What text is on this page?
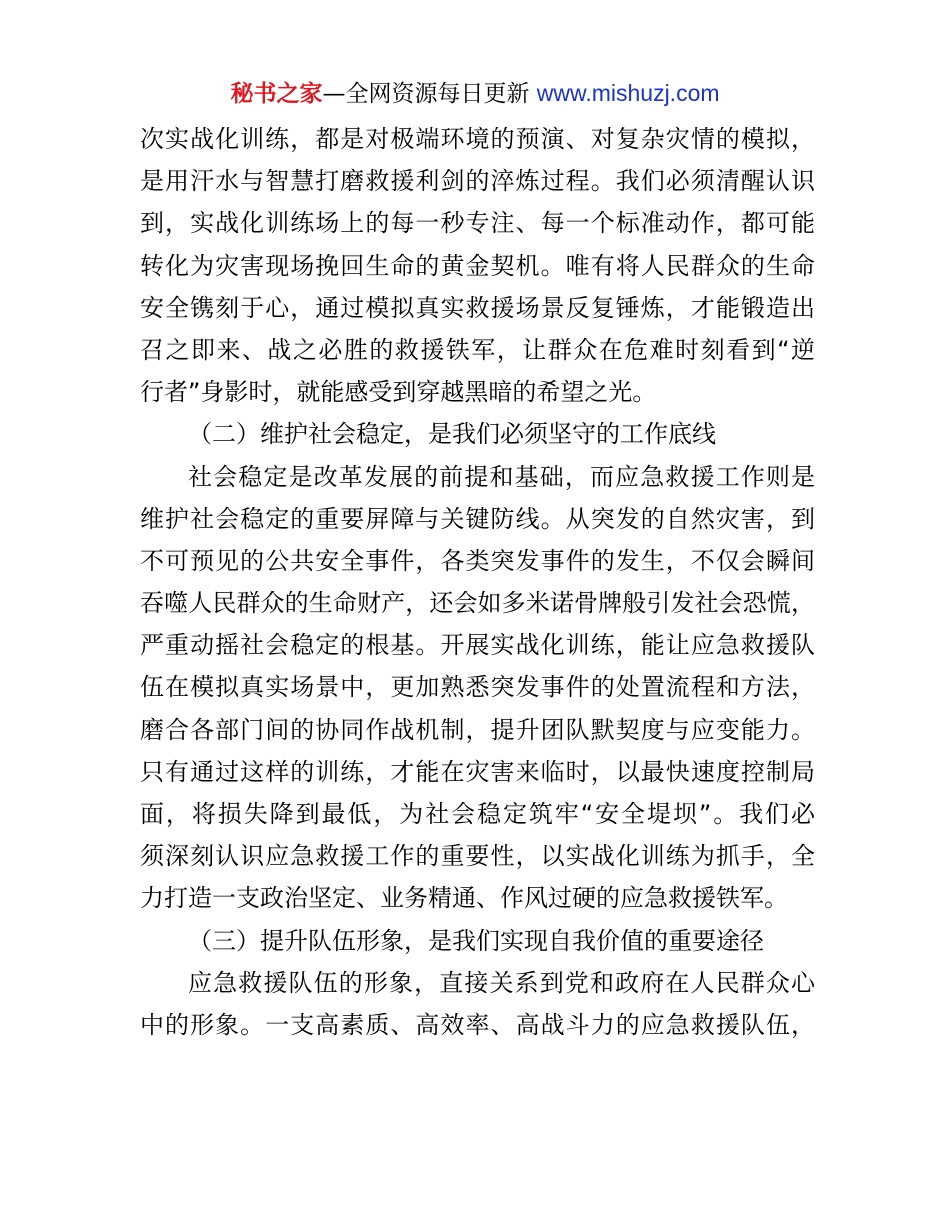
秘书之家—全网资源每日更新 www.mishuzj.com
次实战化训练，都是对极端环境的预演、对复杂灾情的模拟，
是用汗水与智慧打磨救援利剑的淬炼过程。我们必须清醒认识
到，实战化训练场上的每一秒专注、每一个标准动作，都可能
转化为灾害现场挽回生命的黄金契机。唯有将人民群众的生命
安全镌刻于心，通过模拟真实救援场景反复锤炼，才能锻造出
召之即来、战之必胜的救援铁军，让群众在危难时刻看到“逆
行者”身影时，就能感受到穿越黑暗的希望之光。
（二）维护社会稳定，是我们必须坚守的工作底线
社会稳定是改革发展的前提和基础，而应急救援工作则是
维护社会稳定的重要屏障与关键防线。从突发的自然灾害，到
不可预见的公共安全事件，各类突发事件的发生，不仅会瞬间
吞噬人民群众的生命财产，还会如多米诺骨牌般引发社会恐慌，
严重动摇社会稳定的根基。开展实战化训练，能让应急救援队
伍在模拟真实场景中，更加熟悉突发事件的处置流程和方法，
磨合各部门间的协同作战机制，提升团队默契度与应变能力。
只有通过这样的训练，才能在灾害来临时，以最快速度控制局
面，将损失降到最低，为社会稳定筑牢“安全堤坝”。我们必
须深刻认识应急救援工作的重要性，以实战化训练为抓手，全
力打造一支政治坚定、业务精通、作风过硬的应急救援铁军。
（三）提升队伍形象，是我们实现自我价值的重要途径
应急救援队伍的形象，直接关系到党和政府在人民群众心
中的形象。一支高素质、高效率、高战斗力的应急救援队伍，
